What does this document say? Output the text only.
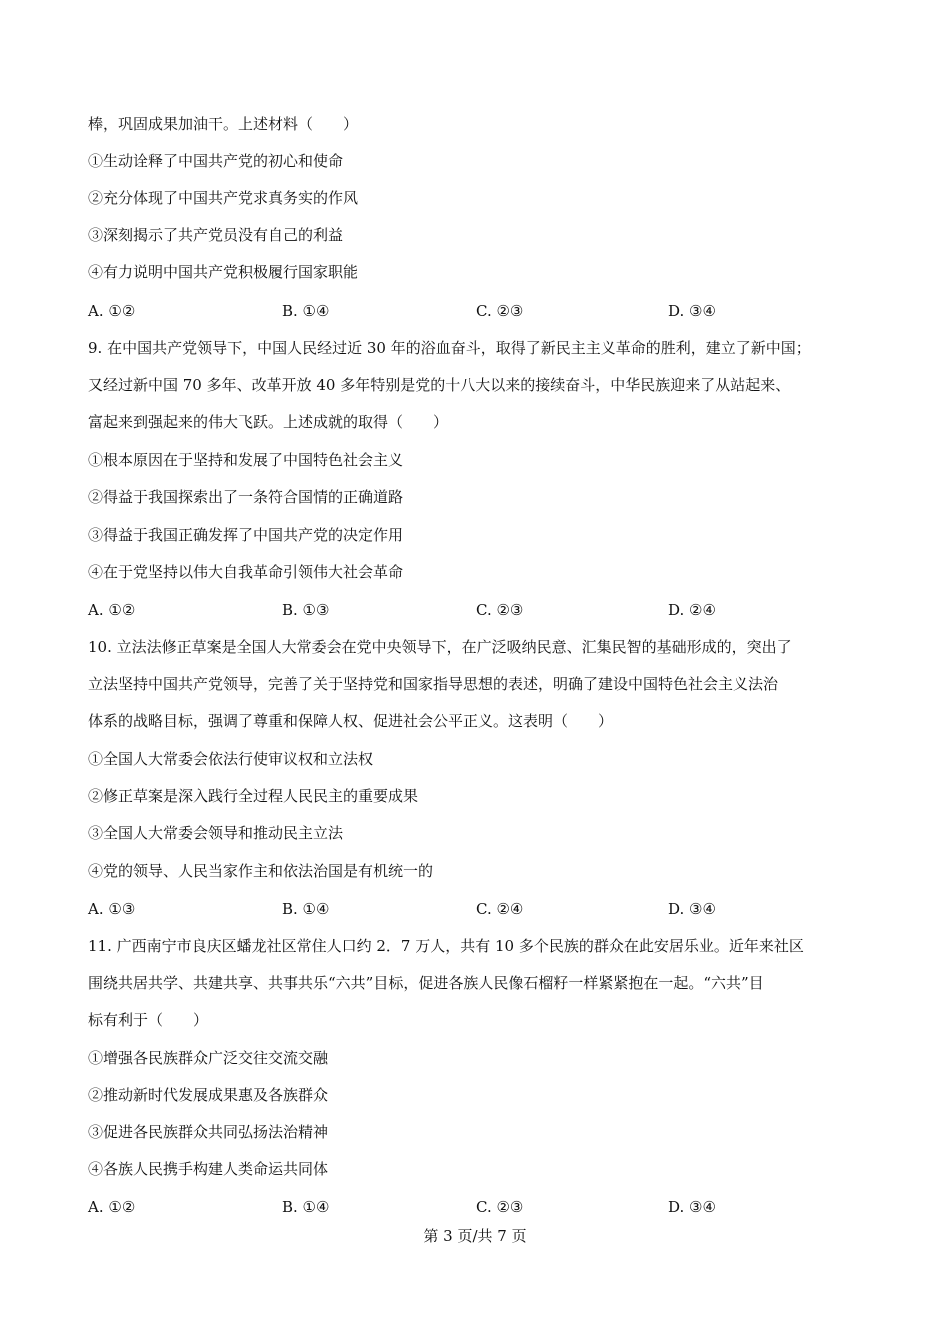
棒，巩固成果加油干。上述材料（　　）
①生动诠释了中国共产党的初心和使命
②充分体现了中国共产党求真务实的作风
③深刻揭示了共产党员没有自己的利益
④有力说明中国共产党积极履行国家职能
A. ①②	B. ①④	C. ②③	D. ③④
9. 在中国共产党领导下，中国人民经过近 30 年的浴血奋斗，取得了新民主主义革命的胜利，建立了新中国；
又经过新中国 70 多年、改革开放 40 多年特别是党的十八大以来的接续奋斗，中华民族迎来了从站起来、
富起来到强起来的伟大飞跃。上述成就的取得（　　）
①根本原因在于坚持和发展了中国特色社会主义
②得益于我国探索出了一条符合国情的正确道路
③得益于我国正确发挥了中国共产党的决定作用
④在于党坚持以伟大自我革命引领伟大社会革命
A. ①②	B. ①③	C. ②③	D. ②④
10. 立法法修正草案是全国人大常委会在党中央领导下，在广泛吸纳民意、汇集民智的基础形成的，突出了
立法坚持中国共产党领导，完善了关于坚持党和国家指导思想的表述，明确了建设中国特色社会主义法治
体系的战略目标，强调了尊重和保障人权、促进社会公平正义。这表明（　　）
①全国人大常委会依法行使审议权和立法权
②修正草案是深入践行全过程人民民主的重要成果
③全国人大常委会领导和推动民主立法
④党的领导、人民当家作主和依法治国是有机统一的
A. ①③	B. ①④	C. ②④	D. ③④
11. 广西南宁市良庆区蟠龙社区常住人口约 2．7 万人，共有 10 多个民族的群众在此安居乐业。近年来社区
围绕共居共学、共建共享、共事共乐“六共”目标，促进各族人民像石榴籽一样紧紧抱在一起。“六共”目
标有利于（　　）
①增强各民族群众广泛交往交流交融
②推动新时代发展成果惠及各族群众
③促进各民族群众共同弘扬法治精神
④各族人民携手构建人类命运共同体
A. ①②	B. ①④	C. ②③	D. ③④
第 3 页/共 7 页
